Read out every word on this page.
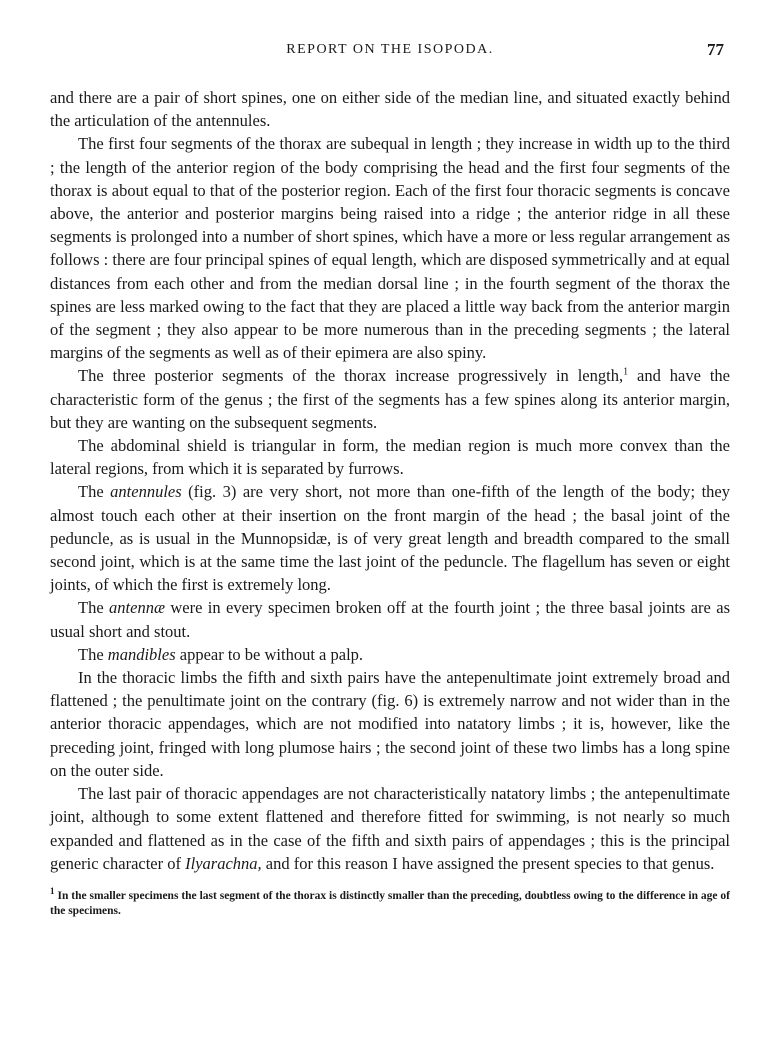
REPORT ON THE ISOPODA.	77

and there are a pair of short spines, one on either side of the median line, and situated exactly behind the articulation of the antennules.

The first four segments of the thorax are subequal in length ; they increase in width up to the third ; the length of the anterior region of the body comprising the head and the first four segments of the thorax is about equal to that of the posterior region. Each of the first four thoracic segments is concave above, the anterior and posterior margins being raised into a ridge ; the anterior ridge in all these segments is prolonged into a number of short spines, which have a more or less regular arrangement as follows : there are four principal spines of equal length, which are disposed symmetrically and at equal distances from each other and from the median dorsal line ; in the fourth segment of the thorax the spines are less marked owing to the fact that they are placed a little way back from the anterior margin of the segment ; they also appear to be more numerous than in the preceding segments ; the lateral margins of the segments as well as of their epimera are also spiny.

The three posterior segments of the thorax increase progressively in length,$^1$ and have the characteristic form of the genus ; the first of the segments has a few spines along its anterior margin, but they are wanting on the subsequent segments.

The abdominal shield is triangular in form, the median region is much more convex than the lateral regions, from which it is separated by furrows.

The antennules (fig. 3) are very short, not more than one-fifth of the length of the body; they almost touch each other at their insertion on the front margin of the head ; the basal joint of the peduncle, as is usual in the Munnopsidæ, is of very great length and breadth compared to the small second joint, which is at the same time the last joint of the peduncle. The flagellum has seven or eight joints, of which the first is extremely long.

The antennæ were in every specimen broken off at the fourth joint ; the three basal joints are as usual short and stout.

The mandibles appear to be without a palp.

In the thoracic limbs the fifth and sixth pairs have the antepenultimate joint extremely broad and flattened ; the penultimate joint on the contrary (fig. 6) is extremely narrow and not wider than in the anterior thoracic appendages, which are not modified into natatory limbs ; it is, however, like the preceding joint, fringed with long plumose hairs ; the second joint of these two limbs has a long spine on the outer side.

The last pair of thoracic appendages are not characteristically natatory limbs ; the antepenultimate joint, although to some extent flattened and therefore fitted for swimming, is not nearly so much expanded and flattened as in the case of the fifth and sixth pairs of appendages ; this is the principal generic character of Ilyarachna, and for this reason I have assigned the present species to that genus.

$^1$ In the smaller specimens the last segment of the thorax is distinctly smaller than the preceding, doubtless owing to the difference in age of the specimens.
